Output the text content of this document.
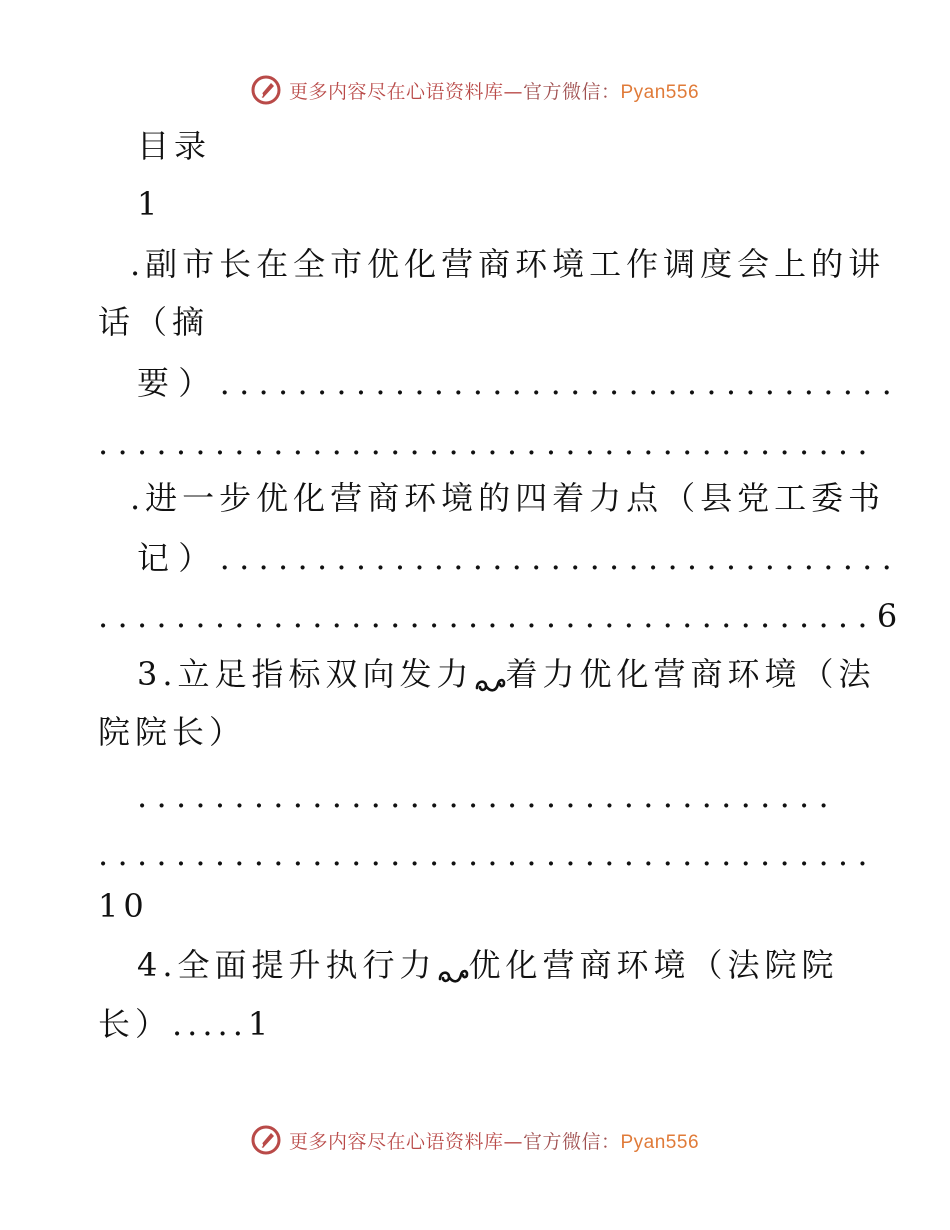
更多内容尽在心语资料库—官方微信：Pyan556
目录
1
.副市长在全市优化营商环境工作调度会上的讲
话（摘
要）...................................
........................................
.进一步优化营商环境的四着力点（县党工委书
记）...................................
........................................6
3.立足指标双向发力 着力优化营商环境（法
院院长）
....................................
........................................
10
4.全面提升执行力 优化营商环境（法院院
长）.....1
更多内容尽在心语资料库—官方微信：Pyan556
